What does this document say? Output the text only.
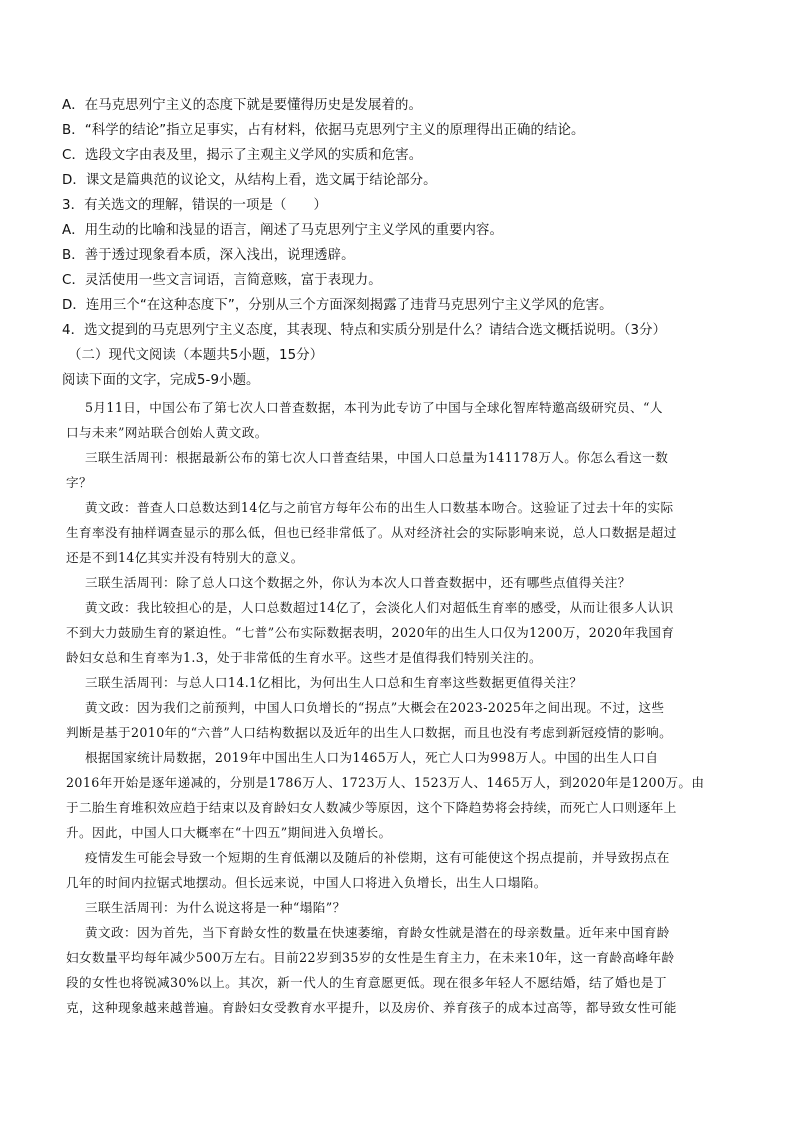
A．在马克思列宁主义的态度下就是要懂得历史是发展着的。
B．“科学的结论”指立足事实，占有材料，依据马克思列宁主义的原理得出正确的结论。
C．选段文字由表及里，揭示了主观主义学风的实质和危害。
D．课文是篇典范的议论文，从结构上看，选文属于结论部分。
3．有关选文的理解，错误的一项是（　　）
A．用生动的比喻和浅显的语言，阐述了马克思列宁主义学风的重要内容。
B．善于透过现象看本质，深入浅出，说理透辟。
C．灵活使用一些文言词语，言简意赅，富于表现力。
D．连用三个“在这种态度下”，分别从三个方面深刻揭露了违背马克思列宁主义学风的危害。
4．选文提到的马克思列宁主义态度，其表现、特点和实质分别是什么？请结合选文概括说明。（3分）
（二）现代文阅读（本题共5小题，15分）
阅读下面的文字，完成5-9小题。
5月11日，中国公布了第七次人口普查数据，本刊为此专访了中国与全球化智库特邀高级研究员、“人
口与未来”网站联合创始人黄文政。
三联生活周刊：根据最新公布的第七次人口普查结果，中国人口总量为141178万人。你怎么看这一数
字？
黄文政：普查人口总数达到14亿与之前官方每年公布的出生人口数基本吻合。这验证了过去十年的实际
生育率没有抽样调查显示的那么低，但也已经非常低了。从对经济社会的实际影响来说，总人口数据是超过
还是不到14亿其实并没有特别大的意义。
三联生活周刊：除了总人口这个数据之外，你认为本次人口普查数据中，还有哪些点值得关注？
黄文政：我比较担心的是，人口总数超过14亿了，会淡化人们对超低生育率的感受，从而让很多人认识
不到大力鼓励生育的紧迫性。“七普”公布实际数据表明，2020年的出生人口仅为1200万，2020年我国育
龄妇女总和生育率为1.3，处于非常低的生育水平。这些才是值得我们特别关注的。
三联生活周刊：与总人口14.1亿相比，为何出生人口总和生育率这些数据更值得关注？
黄文政：因为我们之前预判，中国人口负增长的“拐点”大概会在2023-2025年之间出现。不过，这些
判断是基于2010年的“六普”人口结构数据以及近年的出生人口数据，而且也没有考虑到新冠疫情的影响。
根据国家统计局数据，2019年中国出生人口为1465万人，死亡人口为998万人。中国的出生人口自
2016年开始是逐年递减的，分别是1786万人、1723万人、1523万人、1465万人，到2020年是1200万。由
于二胎生育堆积效应趋于结束以及育龄妇女人数减少等原因，这个下降趋势将会持续，而死亡人口则逐年上
升。因此，中国人口大概率在“十四五”期间进入负增长。
疫情发生可能会导致一个短期的生育低潮以及随后的补偿期，这有可能使这个拐点提前，并导致拐点在
几年的时间内拉锯式地摆动。但长远来说，中国人口将进入负增长，出生人口塌陷。
三联生活周刊：为什么说这将是一种“塌陷”？
黄文政：因为首先，当下育龄女性的数量在快速萎缩，育龄女性就是潜在的母亲数量。近年来中国育龄
妇女数量平均每年减少500万左右。目前22岁到35岁的女性是生育主力，在未来10年，这一育龄高峰年龄
段的女性也将锐减30%以上。其次，新一代人的生育意愿更低。现在很多年轻人不愿结婚，结了婚也是丁
克，这种现象越来越普遍。育龄妇女受教育水平提升，以及房价、养育孩子的成本过高等，都导致女性可能
